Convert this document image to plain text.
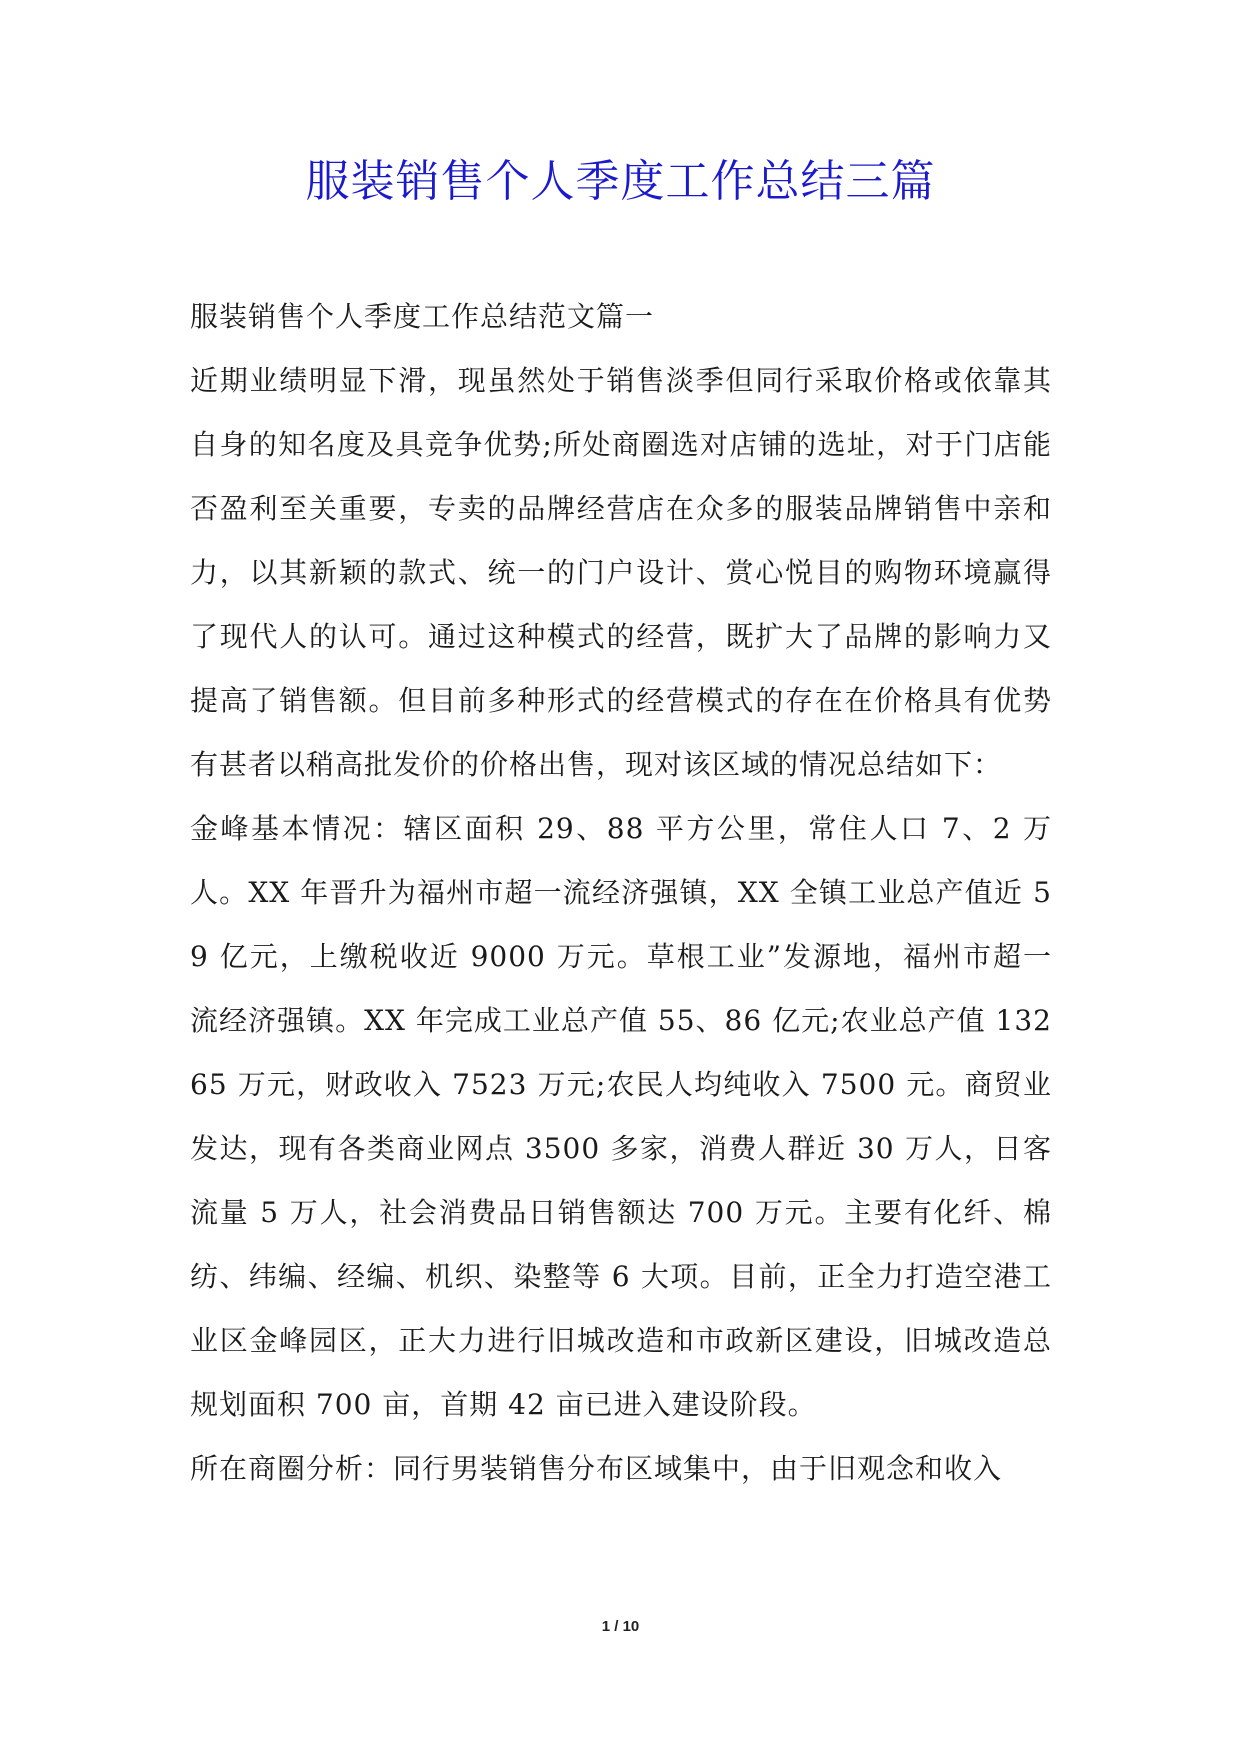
服装销售个人季度工作总结三篇

服装销售个人季度工作总结范文篇一

近期业绩明显下滑，现虽然处于销售淡季但同行采取价格或依靠其自身的知名度及具竞争优势;所处商圈选对店铺的选址，对于门店能否盈利至关重要，专卖的品牌经营店在众多的服装品牌销售中亲和力，以其新颖的款式、统一的门户设计、赏心悦目的购物环境赢得了现代人的认可。通过这种模式的经营，既扩大了品牌的影响力又提高了销售额。但目前多种形式的经营模式的存在在价格具有优势有甚者以稍高批发价的价格出售，现对该区域的情况总结如下：

金峰基本情况：辖区面积 29、88 平方公里，常住人口 7、2 万人。XX 年晋升为福州市超一流经济强镇，XX 全镇工业总产值近 59 亿元，上缴税收近 9000 万元。草根工业”发源地，福州市超一流经济强镇。XX 年完成工业总产值 55、86 亿元;农业总产值 13265 万元，财政收入 7523 万元;农民人均纯收入 7500 元。商贸业发达，现有各类商业网点 3500 多家，消费人群近 30 万人，日客流量 5 万人，社会消费品日销售额达 700 万元。主要有化纤、棉纺、纬编、经编、机织、染整等 6 大项。目前，正全力打造空港工业区金峰园区，正大力进行旧城改造和市政新区建设，旧城改造总规划面积 700 亩，首期 42 亩已进入建设阶段。

所在商圈分析：同行男装销售分布区域集中，由于旧观念和收入

1 / 10
